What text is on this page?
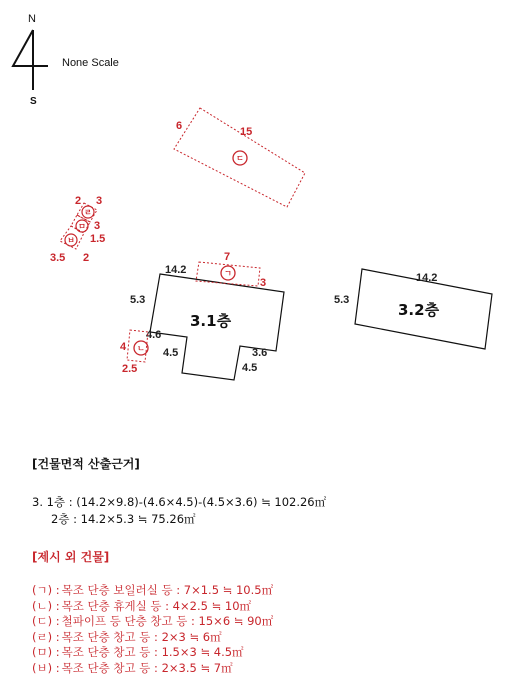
N
S
None Scale
6	15
ㄷ
ㄹ
ㅁ
ㅂ
2 3
3
1.5
3.5 2
3.1층
14.2
5.3
4.6
4.5	3.6
4.5
7
3
ㄱ
4
2.5
ㄴ
3.2층
14.2
5.3

[건물면적 산출근거]

3. 1층 : (14.2×9.8)-(4.6×4.5)-(4.5×3.6) ≒ 102.26㎡
2층 : 14.2×5.3 ≒ 75.26㎡

[제시 외 건물]

(ㄱ) : 목조 단층 보일러실 등 : 7×1.5 ≒ 10.5㎡
(ㄴ) : 목조 단층 휴게실 등 : 4×2.5 ≒ 10㎡
(ㄷ) : 철파이프 등 단층 창고 등 : 15×6 ≒ 90㎡
(ㄹ) : 목조 단층 창고 등 : 2×3 ≒ 6㎡
(ㅁ) : 목조 단층 창고 등 : 1.5×3 ≒ 4.5㎡
(ㅂ) : 목조 단층 창고 등 : 2×3.5 ≒ 7㎡
